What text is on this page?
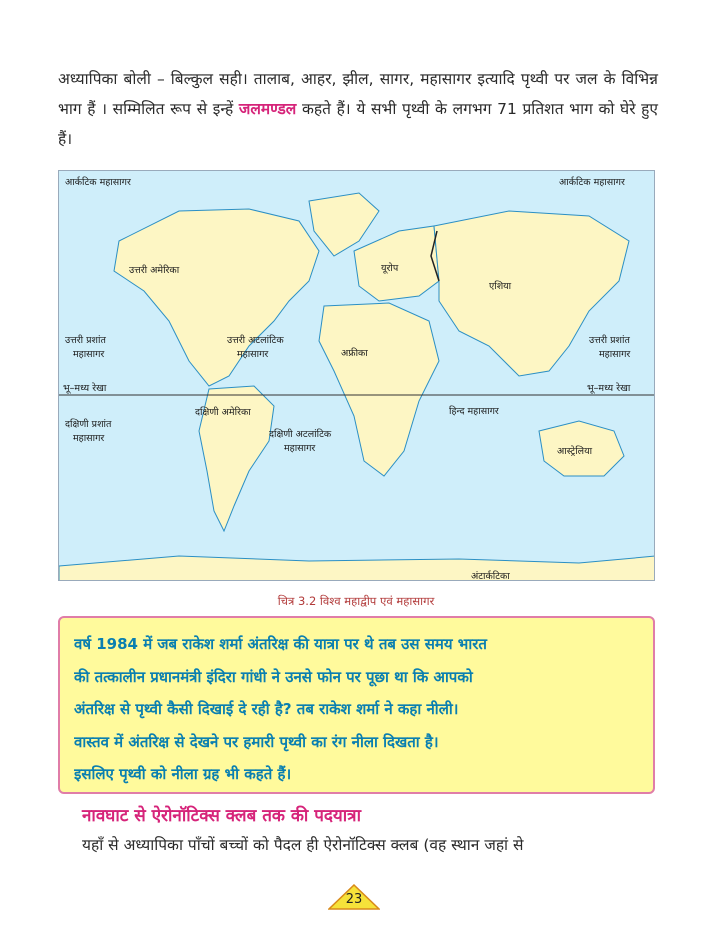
अध्यापिका बोली – बिल्कुल सही। तालाब, आहर, झील, सागर, महासागर इत्यादि पृथ्वी पर जल के विभिन्न भाग हैं । सम्मिलित रूप से इन्हें जलमण्डल कहते हैं। ये सभी पृथ्वी के लगभग 71 प्रतिशत भाग को घेरे हुए हैं।
आर्कटिक महासागर	आर्कटिक महासागर
उत्तरी अमेरिका	यूरोप
एशिया
उत्तरी प्रशांत
महासागर
उत्तरी अटलांटिक
महासागर	अफ्रीका
उत्तरी प्रशांत
महासागर
भू–मध्य रेखा	भू–मध्य रेखा
दक्षिणी अमेरिका
दक्षिणी प्रशांत
महासागर	दक्षिणी अटलांटिक
महासागर
हिन्द महासागर
आस्ट्रेलिया
अंटार्कटिका
चित्र 3.2 विश्व महाद्वीप एवं महासागर
वर्ष 1984 में जब राकेश शर्मा अंतरिक्ष की यात्रा पर थे तब उस समय भारत
की तत्कालीन प्रधानमंत्री इंदिरा गांधी ने उनसे फोन पर पूछा था कि आपको
अंतरिक्ष से पृथ्वी कैसी दिखाई दे रही है? तब राकेश शर्मा ने कहा नीली।
वास्तव में अंतरिक्ष से देखने पर हमारी पृथ्वी का रंग नीला दिखता है।
इसलिए पृथ्वी को नीला ग्रह भी कहते हैं।
नावघाट से ऐरोनॉटिक्स क्लब तक की पदयात्रा
यहाँ से अध्यापिका पाँचों बच्चों को पैदल ही ऐरोनॉटिक्स क्लब (वह स्थान जहां से
23
